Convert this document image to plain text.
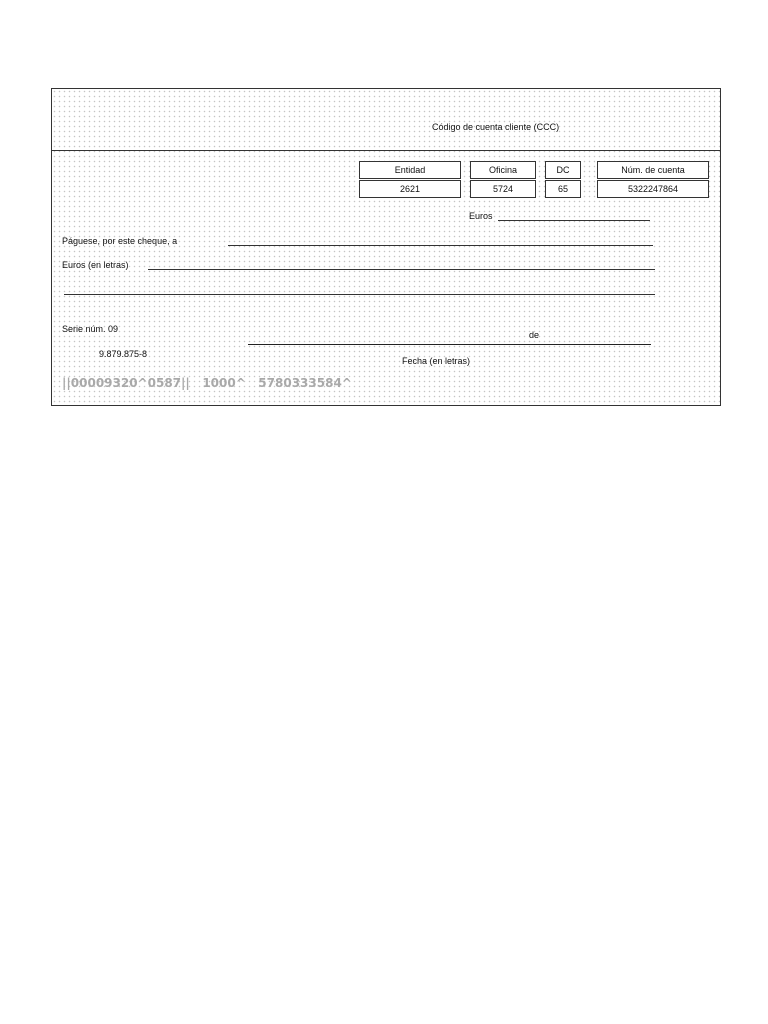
Código de cuenta cliente (CCC)
Entidad
2621
Oficina
5724
DC
65
Núm. de cuenta
5322247864
Euros
Páguese, por este cheque, a
Euros (en letras)
Serie núm. 09
9.879.875-8
de
Fecha (en letras)
||00009320^0587||   1000^   5780333584^
